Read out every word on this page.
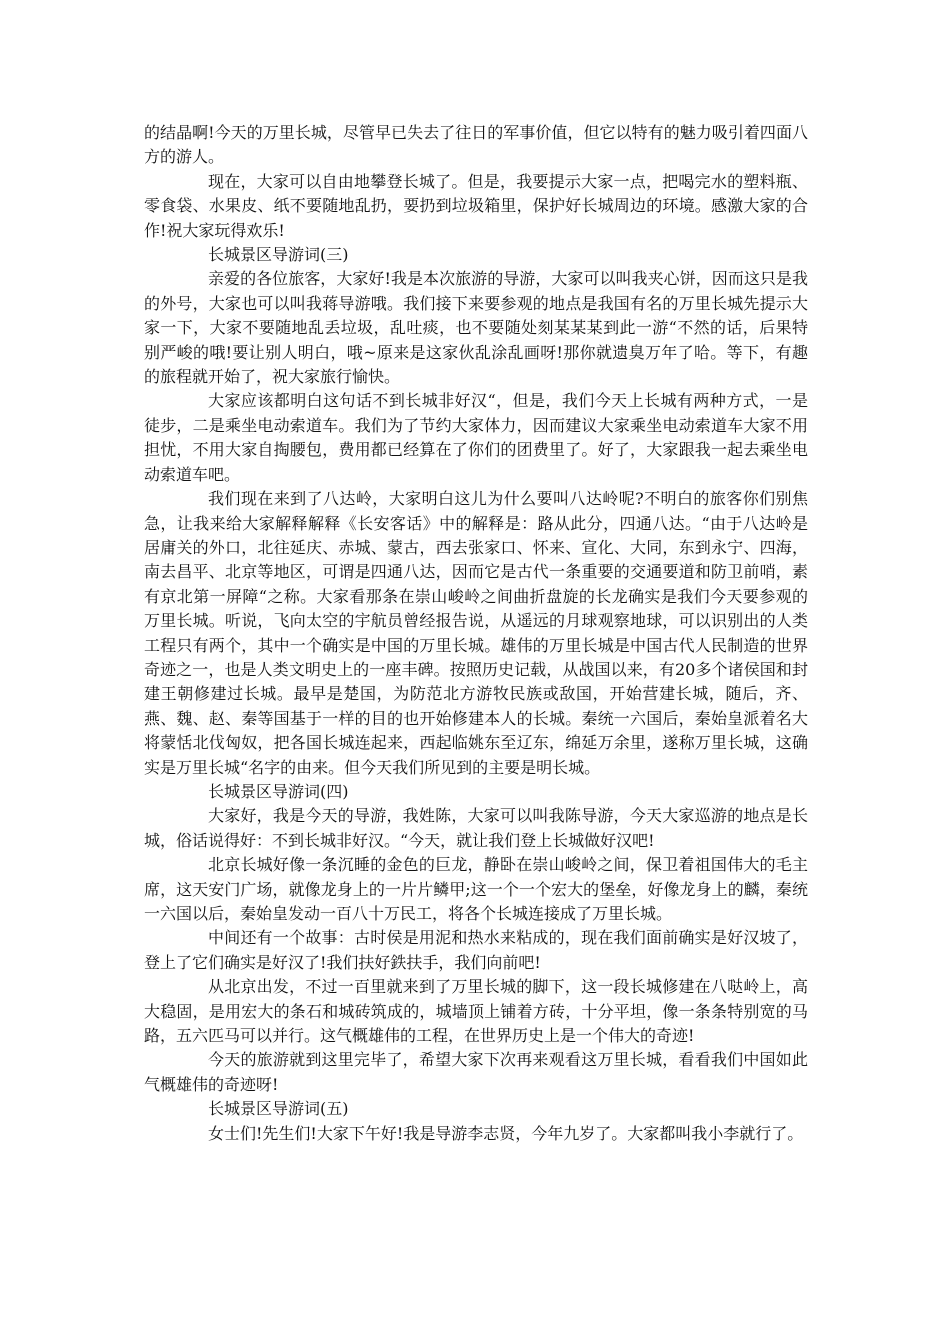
的结晶啊!今天的万里长城，尽管早已失去了往日的军事价值，但它以特有的魅力吸引着四面八方的游人。

现在，大家可以自由地攀登长城了。但是，我要提示大家一点，把喝完水的塑料瓶、零食袋、水果皮、纸不要随地乱扔，要扔到垃圾箱里，保护好长城周边的环境。感激大家的合作!祝大家玩得欢乐!

长城景区导游词(三)

亲爱的各位旅客，大家好!我是本次旅游的导游，大家可以叫我夹心饼，因而这只是我的外号，大家也可以叫我蒋导游哦。我们接下来要参观的地点是我国有名的万里长城先提示大家一下，大家不要随地乱丢垃圾，乱吐痰，也不要随处刻某某某到此一游“不然的话，后果特别严峻的哦!要让别人明白，哦~原来是这家伙乱涂乱画呀!那你就遗臭万年了哈。等下，有趣的旅程就开始了，祝大家旅行愉快。

大家应该都明白这句话不到长城非好汉“，但是，我们今天上长城有两种方式，一是徒步，二是乘坐电动索道车。我们为了节约大家体力，因而建议大家乘坐电动索道车大家不用担忧，不用大家自掏腰包，费用都已经算在了你们的团费里了。好了，大家跟我一起去乘坐电动索道车吧。

我们现在来到了八达岭，大家明白这儿为什么要叫八达岭呢?不明白的旅客你们别焦急，让我来给大家解释解释《长安客话》中的解释是：路从此分，四通八达。“由于八达岭是居庸关的外口，北往延庆、赤城、蒙古，西去张家口、怀来、宣化、大同，东到永宁、四海，南去昌平、北京等地区，可谓是四通八达，因而它是古代一条重要的交通要道和防卫前哨，素有京北第一屏障“之称。大家看那条在崇山峻岭之间曲折盘旋的长龙确实是我们今天要参观的万里长城。听说，飞向太空的宇航员曾经报告说，从遥远的月球观察地球，可以识别出的人类工程只有两个，其中一个确实是中国的万里长城。雄伟的万里长城是中国古代人民制造的世界奇迹之一，也是人类文明史上的一座丰碑。按照历史记载，从战国以来，有20多个诸侯国和封建王朝修建过长城。最早是楚国，为防范北方游牧民族或敌国，开始营建长城，随后，齐、燕、魏、赵、秦等国基于一样的目的也开始修建本人的长城。秦统一六国后，秦始皇派着名大将蒙恬北伐匈奴，把各国长城连起来，西起临姚东至辽东，绵延万余里，遂称万里长城，这确实是万里长城“名字的由来。但今天我们所见到的主要是明长城。

长城景区导游词(四)

大家好，我是今天的导游，我姓陈，大家可以叫我陈导游，今天大家巡游的地点是长城，俗话说得好：不到长城非好汉。“今天，就让我们登上长城做好汉吧!

北京长城好像一条沉睡的金色的巨龙，静卧在崇山峻岭之间，保卫着祖国伟大的毛主席，这天安门广场，就像龙身上的一片片鳞甲;这一个一个宏大的堡垒，好像龙身上的麟，秦统一六国以后，秦始皇发动一百八十万民工，将各个长城连接成了万里长城。

中间还有一个故事：古时侯是用泥和热水来粘成的，现在我们面前确实是好汉坡了，登上了它们确实是好汉了!我们扶好鉄扶手，我们向前吧!

从北京出发，不过一百里就来到了万里长城的脚下，这一段长城修建在八哒岭上，高大稳固，是用宏大的条石和城砖筑成的，城墙顶上铺着方砖，十分平坦，像一条条特别宽的马路，五六匹马可以并行。这气概雄伟的工程，在世界历史上是一个伟大的奇迹!

今天的旅游就到这里完毕了，希望大家下次再来观看这万里长城，看看我们中国如此气概雄伟的奇迹呀!

长城景区导游词(五)

女士们!先生们!大家下午好!我是导游李志贤，今年九岁了。大家都叫我小李就行了。
